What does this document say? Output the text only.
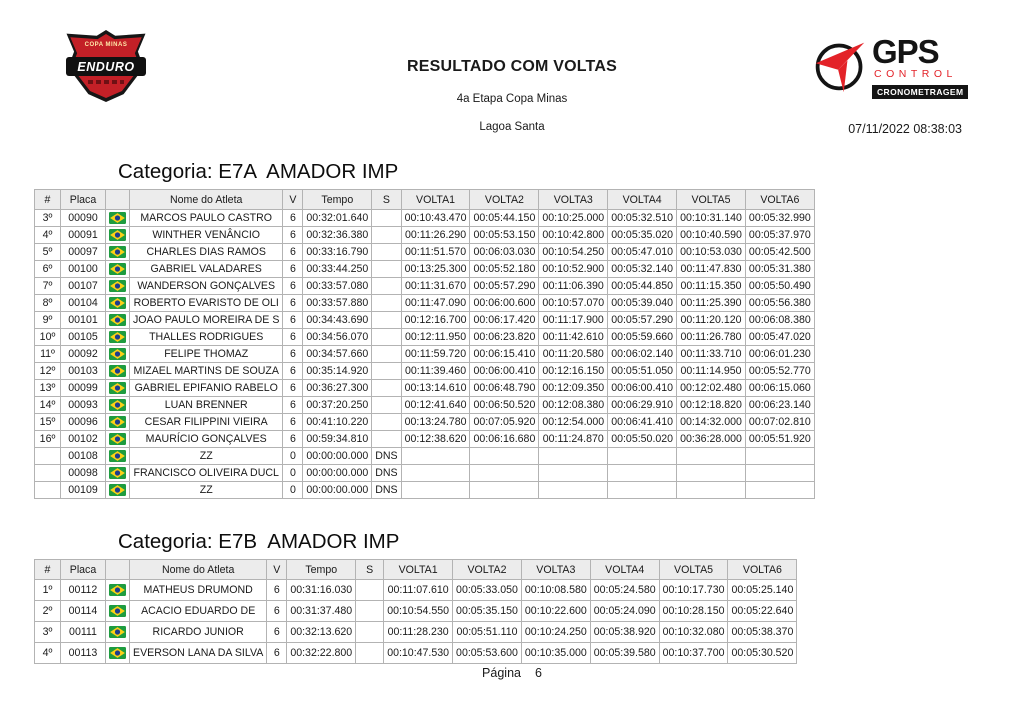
COPA MINAS
ENDURO	RESULTADO COM VOLTAS
4a Etapa Copa Minas
Lagoa Santa
GPS
CONTROL
CRONOMETRAGEM
07/11/2022 08:38:03
Categoria: E7A  AMADOR IMP
#	Placa		Nome do Atleta	V	Tempo	S	VOLTA1	VOLTA2	VOLTA3	VOLTA4	VOLTA5	VOLTA6
3º	00090		MARCOS PAULO CASTRO	6	00:32:01.640		00:10:43.470	00:05:44.150	00:10:25.000	00:05:32.510	00:10:31.140	00:05:32.990
4º	00091		WINTHER VENÂNCIO	6	00:32:36.380		00:11:26.290	00:05:53.150	00:10:42.800	00:05:35.020	00:10:40.590	00:05:37.970
5º	00097		CHARLES DIAS RAMOS	6	00:33:16.790		00:11:51.570	00:06:03.030	00:10:54.250	00:05:47.010	00:10:53.030	00:05:42.500
6º	00100		GABRIEL VALADARES	6	00:33:44.250		00:13:25.300	00:05:52.180	00:10:52.900	00:05:32.140	00:11:47.830	00:05:31.380
7º	00107		WANDERSON GONÇALVES	6	00:33:57.080		00:11:31.670	00:05:57.290	00:11:06.390	00:05:44.850	00:11:15.350	00:05:50.490
8º	00104		ROBERTO EVARISTO DE OLI	6	00:33:57.880		00:11:47.090	00:06:00.600	00:10:57.070	00:05:39.040	00:11:25.390	00:05:56.380
9º	00101		JOAO PAULO MOREIRA DE S	6	00:34:43.690		00:12:16.700	00:06:17.420	00:11:17.900	00:05:57.290	00:11:20.120	00:06:08.380
10º	00105		THALLES RODRIGUES	6	00:34:56.070		00:12:11.950	00:06:23.820	00:11:42.610	00:05:59.660	00:11:26.780	00:05:47.020
11º	00092		FELIPE THOMAZ	6	00:34:57.660		00:11:59.720	00:06:15.410	00:11:20.580	00:06:02.140	00:11:33.710	00:06:01.230
12º	00103		MIZAEL MARTINS DE SOUZA	6	00:35:14.920		00:11:39.460	00:06:00.410	00:12:16.150	00:05:51.050	00:11:14.950	00:05:52.770
13º	00099		GABRIEL EPIFANIO RABELO	6	00:36:27.300		00:13:14.610	00:06:48.790	00:12:09.350	00:06:00.410	00:12:02.480	00:06:15.060
14º	00093		LUAN BRENNER	6	00:37:20.250		00:12:41.640	00:06:50.520	00:12:08.380	00:06:29.910	00:12:18.820	00:06:23.140
15º	00096		CESAR FILIPPINI VIEIRA	6	00:41:10.220		00:13:24.780	00:07:05.920	00:12:54.000	00:06:41.410	00:14:32.000	00:07:02.810
16º	00102		MAURÍCIO GONÇALVES	6	00:59:34.810		00:12:38.620	00:06:16.680	00:11:24.870	00:05:50.020	00:36:28.000	00:05:51.920
	00108		ZZ	0	00:00:00.000	DNS						
	00098		FRANCISCO OLIVEIRA DUCL	0	00:00:00.000	DNS						
	00109		ZZ	0	00:00:00.000	DNS						
Categoria: E7B  AMADOR IMP
#	Placa		Nome do Atleta	V	Tempo	S	VOLTA1	VOLTA2	VOLTA3	VOLTA4	VOLTA5	VOLTA6
1º	00112		MATHEUS DRUMOND	6	00:31:16.030		00:11:07.610	00:05:33.050	00:10:08.580	00:05:24.580	00:10:17.730	00:05:25.140
2º	00114		ACACIO EDUARDO DE	6	00:31:37.480		00:10:54.550	00:05:35.150	00:10:22.600	00:05:24.090	00:10:28.150	00:05:22.640
3º	00111		RICARDO JUNIOR	6	00:32:13.620		00:11:28.230	00:05:51.110	00:10:24.250	00:05:38.920	00:10:32.080	00:05:38.370
4º	00113		EVERSON LANA DA SILVA	6	00:32:22.800		00:10:47.530	00:05:53.600	00:10:35.000	00:05:39.580	00:10:37.700	00:05:30.520
Página 6
